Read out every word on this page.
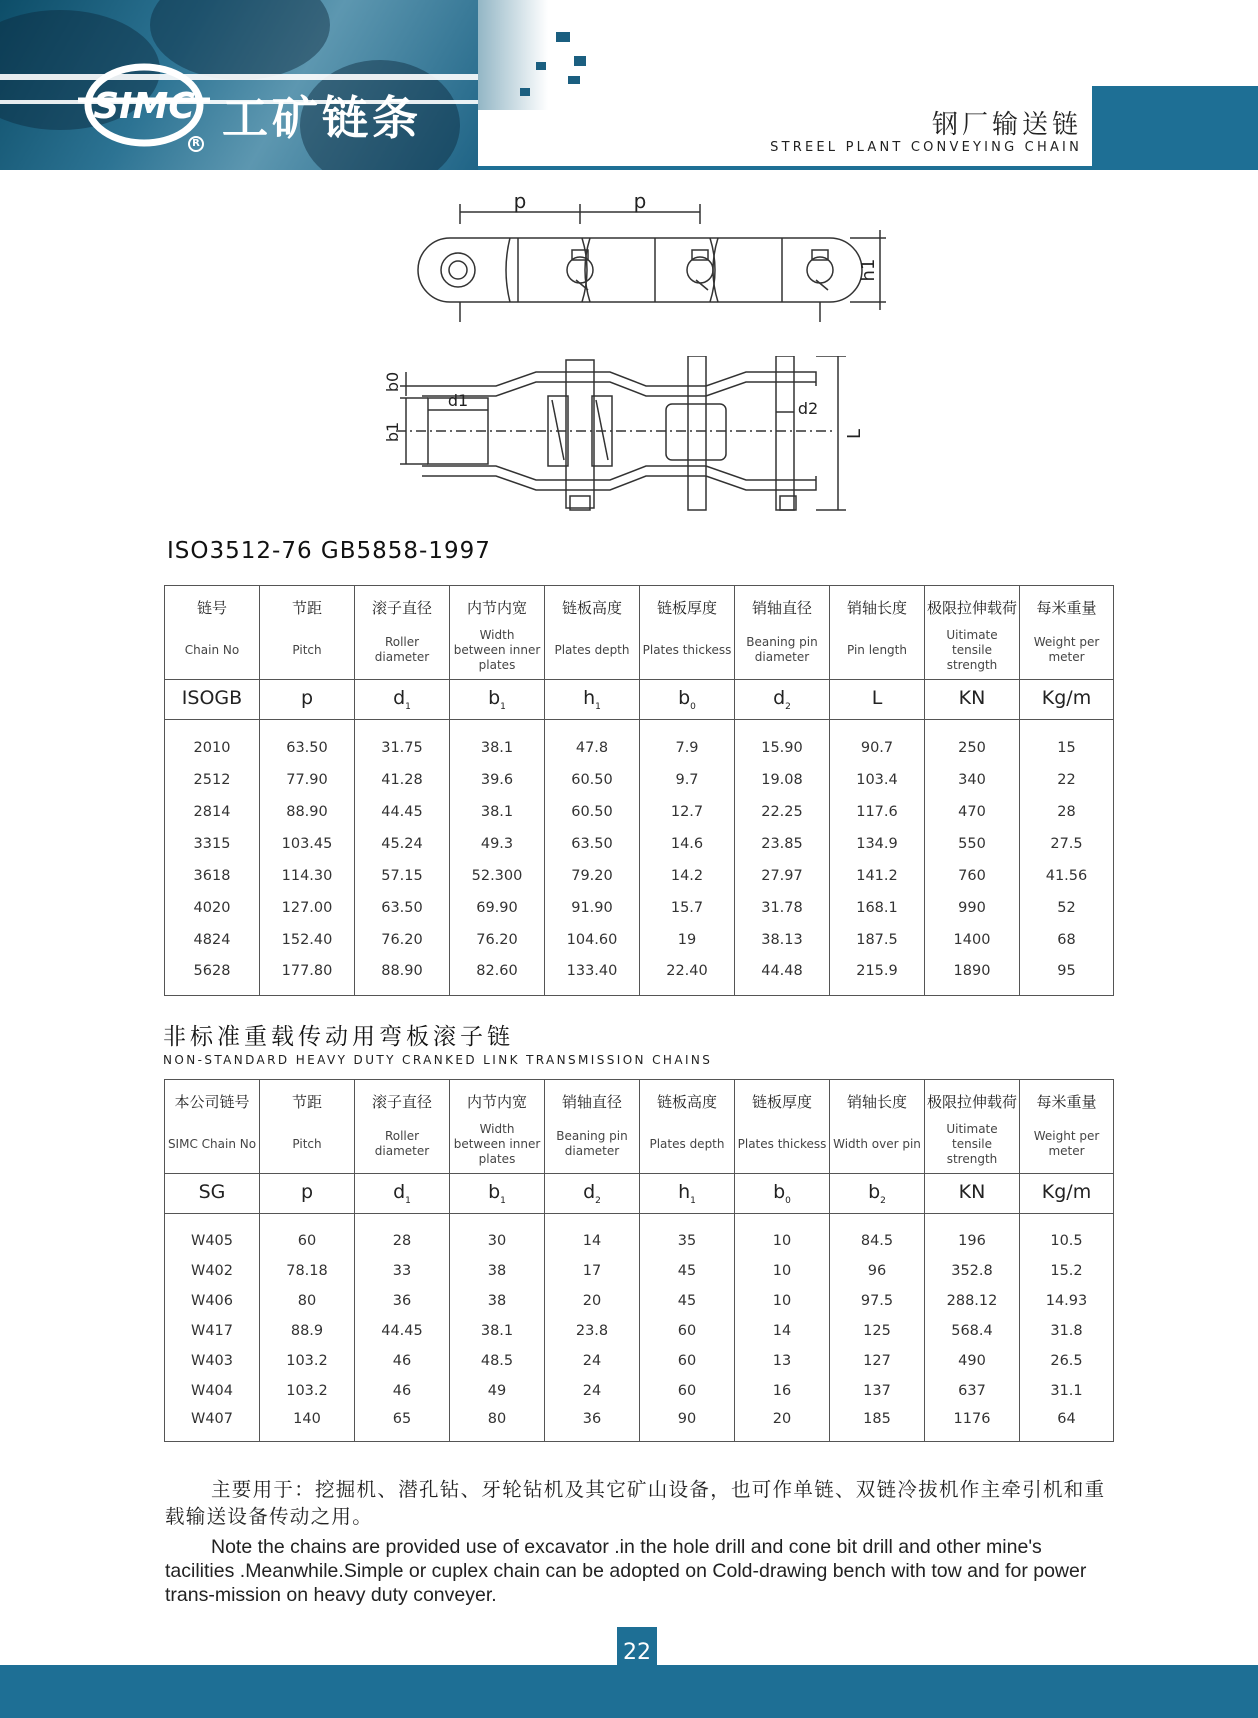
SIMC
R 工矿链条	钢厂输送链
STREEL PLANT CONVEYING CHAIN
p	p
h1
b0
b1
d1	d2
L
ISO3512-76 GB5858-1997
链号	节距	滚子直径	内节内宽	链板高度	链板厚度	销轴直径	销轴长度	极限拉伸载荷	每米重量
Chain No	Pitch	Roller diameter	Width between inner plates	Plates depth	Plates thickess	Beaning pin diameter	Pin length	Uitimate tensile strength	Weight per meter
ISOGB	p	$d_1$	$b_1$	$h_1$	$b_0$	$d_2$	L	KN	Kg/m
2010	63.50	31.75	38.1	47.8	7.9	15.90	90.7	250	15
2512	77.90	41.28	39.6	60.50	9.7	19.08	103.4	340	22
2814	88.90	44.45	38.1	60.50	12.7	22.25	117.6	470	28
3315	103.45	45.24	49.3	63.50	14.6	23.85	134.9	550	27.5
3618	114.30	57.15	52.300	79.20	14.2	27.97	141.2	760	41.56
4020	127.00	63.50	69.90	91.90	15.7	31.78	168.1	990	52
4824	152.40	76.20	76.20	104.60	19	38.13	187.5	1400	68
5628	177.80	88.90	82.60	133.40	22.40	44.48	215.9	1890	95
非标准重载传动用弯板滚子链
NON-STANDARD HEAVY DUTY CRANKED LINK TRANSMISSION CHAINS
本公司链号	节距	滚子直径	内节内宽	销轴直径	链板高度	链板厚度	销轴长度	极限拉伸载荷	每米重量
SIMC Chain No	Pitch	Roller diameter	Width between inner plates	Beaning pin diameter	Plates depth	Plates thickess	Width over pin	Uitimate tensile strength	Weight per meter
SG	p	$d_1$	$b_1$	$d_2$	$h_1$	$b_0$	$b_2$	KN	Kg/m
W405	60	28	30	14	35	10	84.5	196	10.5
W402	78.18	33	38	17	45	10	96	352.8	15.2
W406	80	36	38	20	45	10	97.5	288.12	14.93
W417	88.9	44.45	38.1	23.8	60	14	125	568.4	31.8
W403	103.2	46	48.5	24	60	13	127	490	26.5
W404	103.2	46	49	24	60	16	137	637	31.1
W407	140	65	80	36	90	20	185	1176	64

主要用于：挖掘机、潜孔钻、牙轮钻机及其它矿山设备，也可作单链、双链冷拔机作主牵引机和重载输送设备传动之用。

Note the chains are provided use of excavator .in the hole drill and cone bit drill and other mine's tacilities .Meanwhile.Simple or cuplex chain can be adopted on Cold-drawing bench with tow and for power trans-mission on heavy duty conveyer.

22
